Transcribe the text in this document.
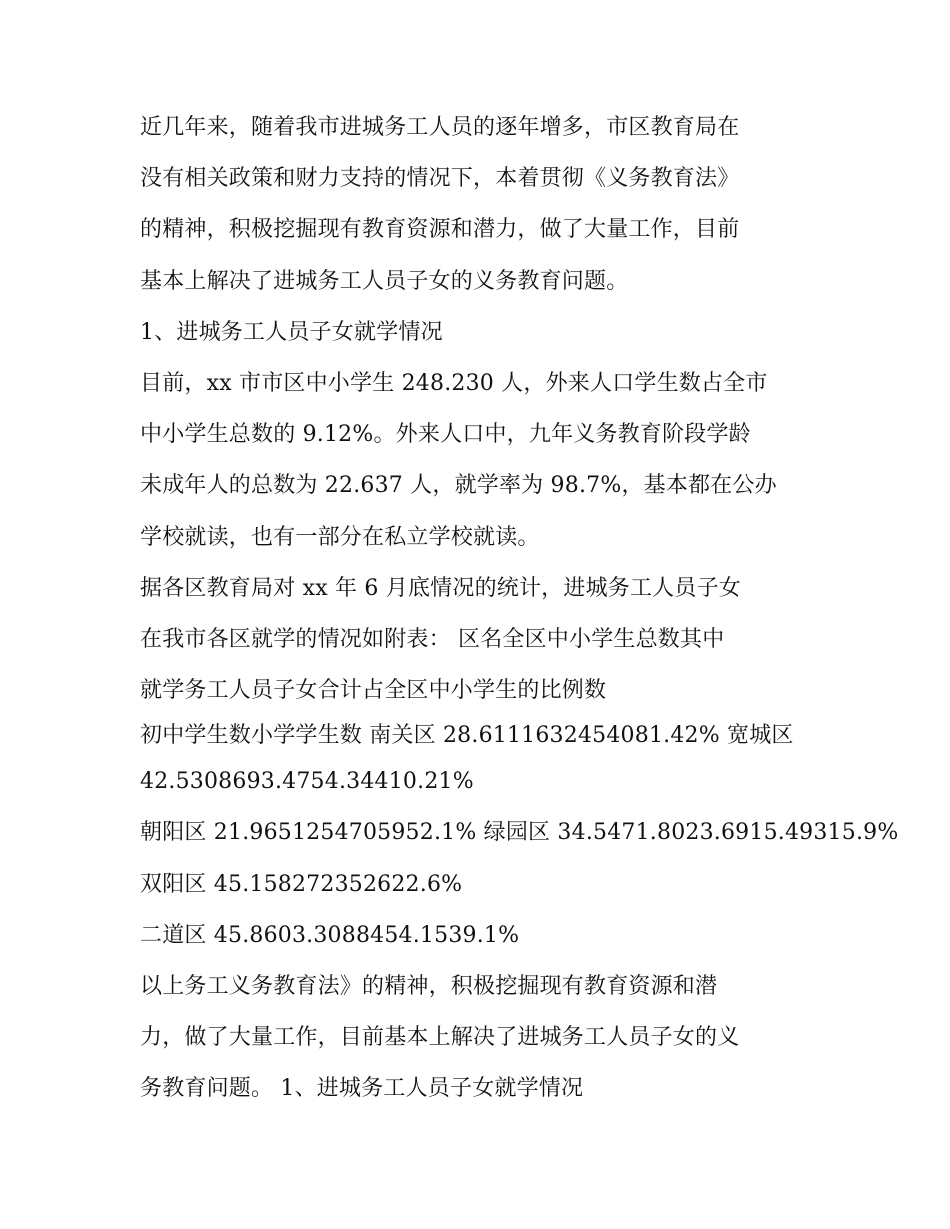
近几年来，随着我市进城务工人员的逐年增多，市区教育局在
没有相关政策和财力支持的情况下，本着贯彻《义务教育法》
的精神，积极挖掘现有教育资源和潜力，做了大量工作，目前
基本上解决了进城务工人员子女的义务教育问题。
1、进城务工人员子女就学情况
目前，xx 市市区中小学生 248.230 人，外来人口学生数占全市
中小学生总数的 9.12%。外来人口中，九年义务教育阶段学龄
未成年人的总数为 22.637 人，就学率为 98.7%，基本都在公办
学校就读，也有一部分在私立学校就读。
据各区教育局对 xx 年 6 月底情况的统计，进城务工人员子女
在我市各区就学的情况如附表： 区名全区中小学生总数其中
就学务工人员子女合计占全区中小学生的比例数
初中学生数小学学生数 南关区 28.6111632454081.42% 宽城区
42.5308693.4754.34410.21%
朝阳区 21.9651254705952.1% 绿园区 34.5471.8023.6915.49315.9%
双阳区 45.158272352622.6%
二道区 45.8603.3088454.1539.1%
以上务工义务教育法》的精神，积极挖掘现有教育资源和潜
力，做了大量工作，目前基本上解决了进城务工人员子女的义
务教育问题。 1、进城务工人员子女就学情况
